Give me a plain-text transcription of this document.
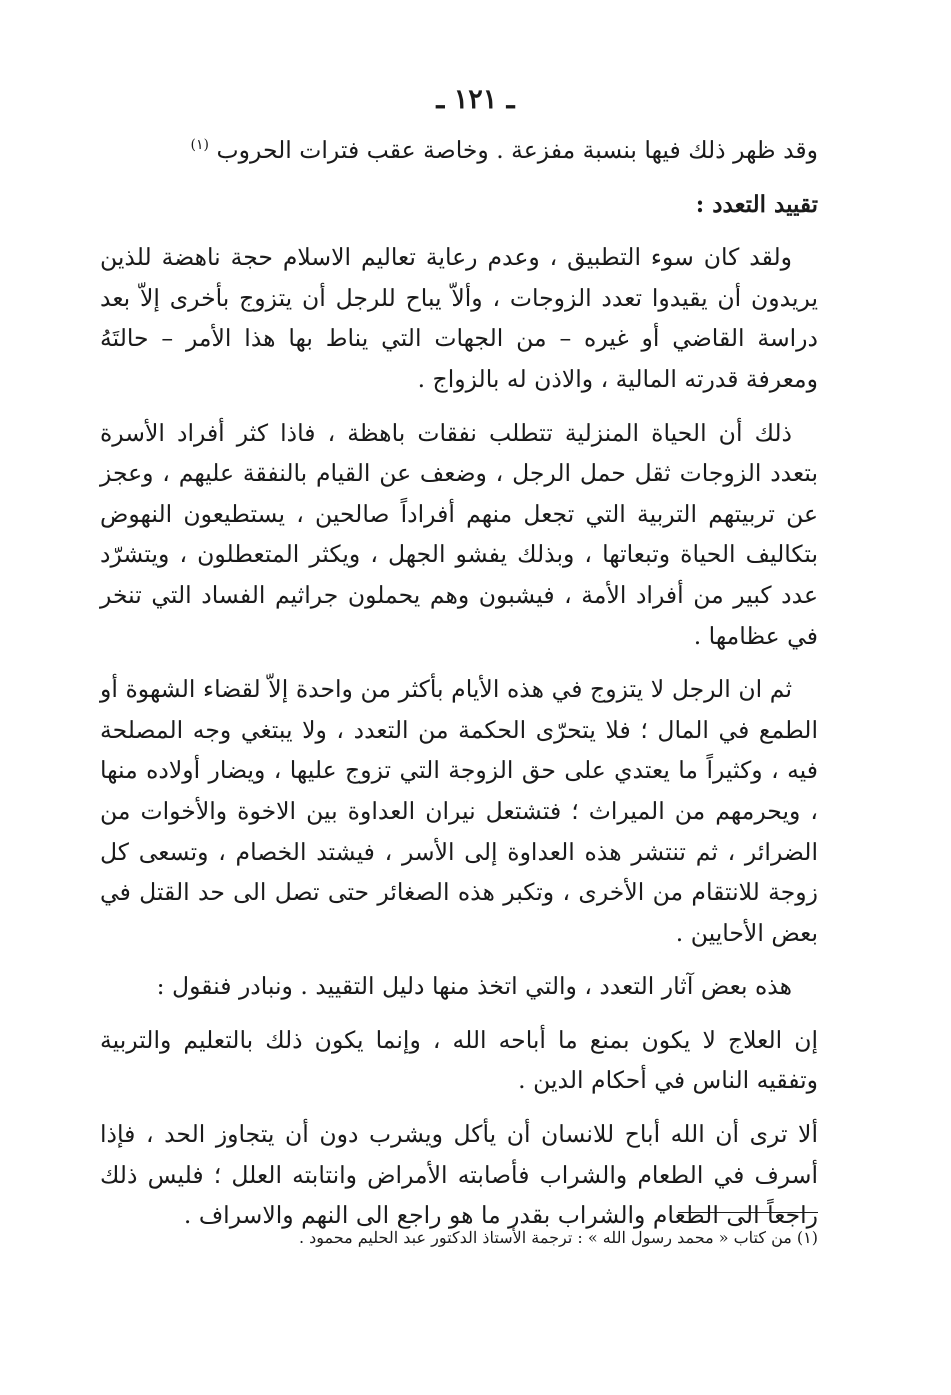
ـ ١٢١ ـ

وقد ظهر ذلك فيها بنسبة مفزعة . وخاصة عقب فترات الحروب $^{(١)}$

تقييد التعدد :

ولقد كان سوء التطبيق ، وعدم رعاية تعاليم الاسلام حجة ناهضة للذين يريدون أن يقيدوا تعدد الزوجات ، وألاّ يباح للرجل أن يتزوج بأخرى إلاّ بعد دراسة القاضي أو غيره – من الجهات التي يناط بها هذا الأمر – حالتَهُ ومعرفة قدرته المالية ، والاذن له بالزواج .

ذلك أن الحياة المنزلية تتطلب نفقات باهظة ، فاذا كثر أفراد الأسرة بتعدد الزوجات ثقل حمل الرجل ، وضعف عن القيام بالنفقة عليهم ، وعجز عن تربيتهم التربية التي تجعل منهم أفراداً صالحين ، يستطيعون النهوض بتكاليف الحياة وتبعاتها ، وبذلك يفشو الجهل ، ويكثر المتعطلون ، ويتشرّد عدد كبير من أفراد الأمة ، فيشبون وهم يحملون جراثيم الفساد التي تنخر في عظامها .

ثم ان الرجل لا يتزوج في هذه الأيام بأكثر من واحدة إلاّ لقضاء الشهوة أو الطمع في المال ؛ فلا يتحرّى الحكمة من التعدد ، ولا يبتغي وجه المصلحة فيه ، وكثيراً ما يعتدي على حق الزوجة التي تزوج عليها ، ويضار أولاده منها ، ويحرمهم من الميراث ؛ فتشتعل نيران العداوة بين الاخوة والأخوات من الضرائر ، ثم تنتشر هذه العداوة إلى الأسر ، فيشتد الخصام ، وتسعى كل زوجة للانتقام من الأخرى ، وتكبر هذه الصغائر حتى تصل الى حد القتل في بعض الأحايين .

هذه بعض آثار التعدد ، والتي اتخذ منها دليل التقييد . ونبادر فنقول :

إن العلاج لا يكون بمنع ما أباحه الله ، وإنما يكون ذلك بالتعليم والتربية وتفقيه الناس في أحكام الدين .

ألا ترى أن الله أباح للانسان أن يأكل ويشرب دون أن يتجاوز الحد ، فإذا أسرف في الطعام والشراب فأصابته الأمراض وانتابته العلل ؛ فليس ذلك راجعاً الى الطعام والشراب بقدر ما هو راجع الى النهم والاسراف .

(١) من كتاب « محمد رسول الله » : ترجمة الأستاذ الدكتور عبد الحليم محمود .
